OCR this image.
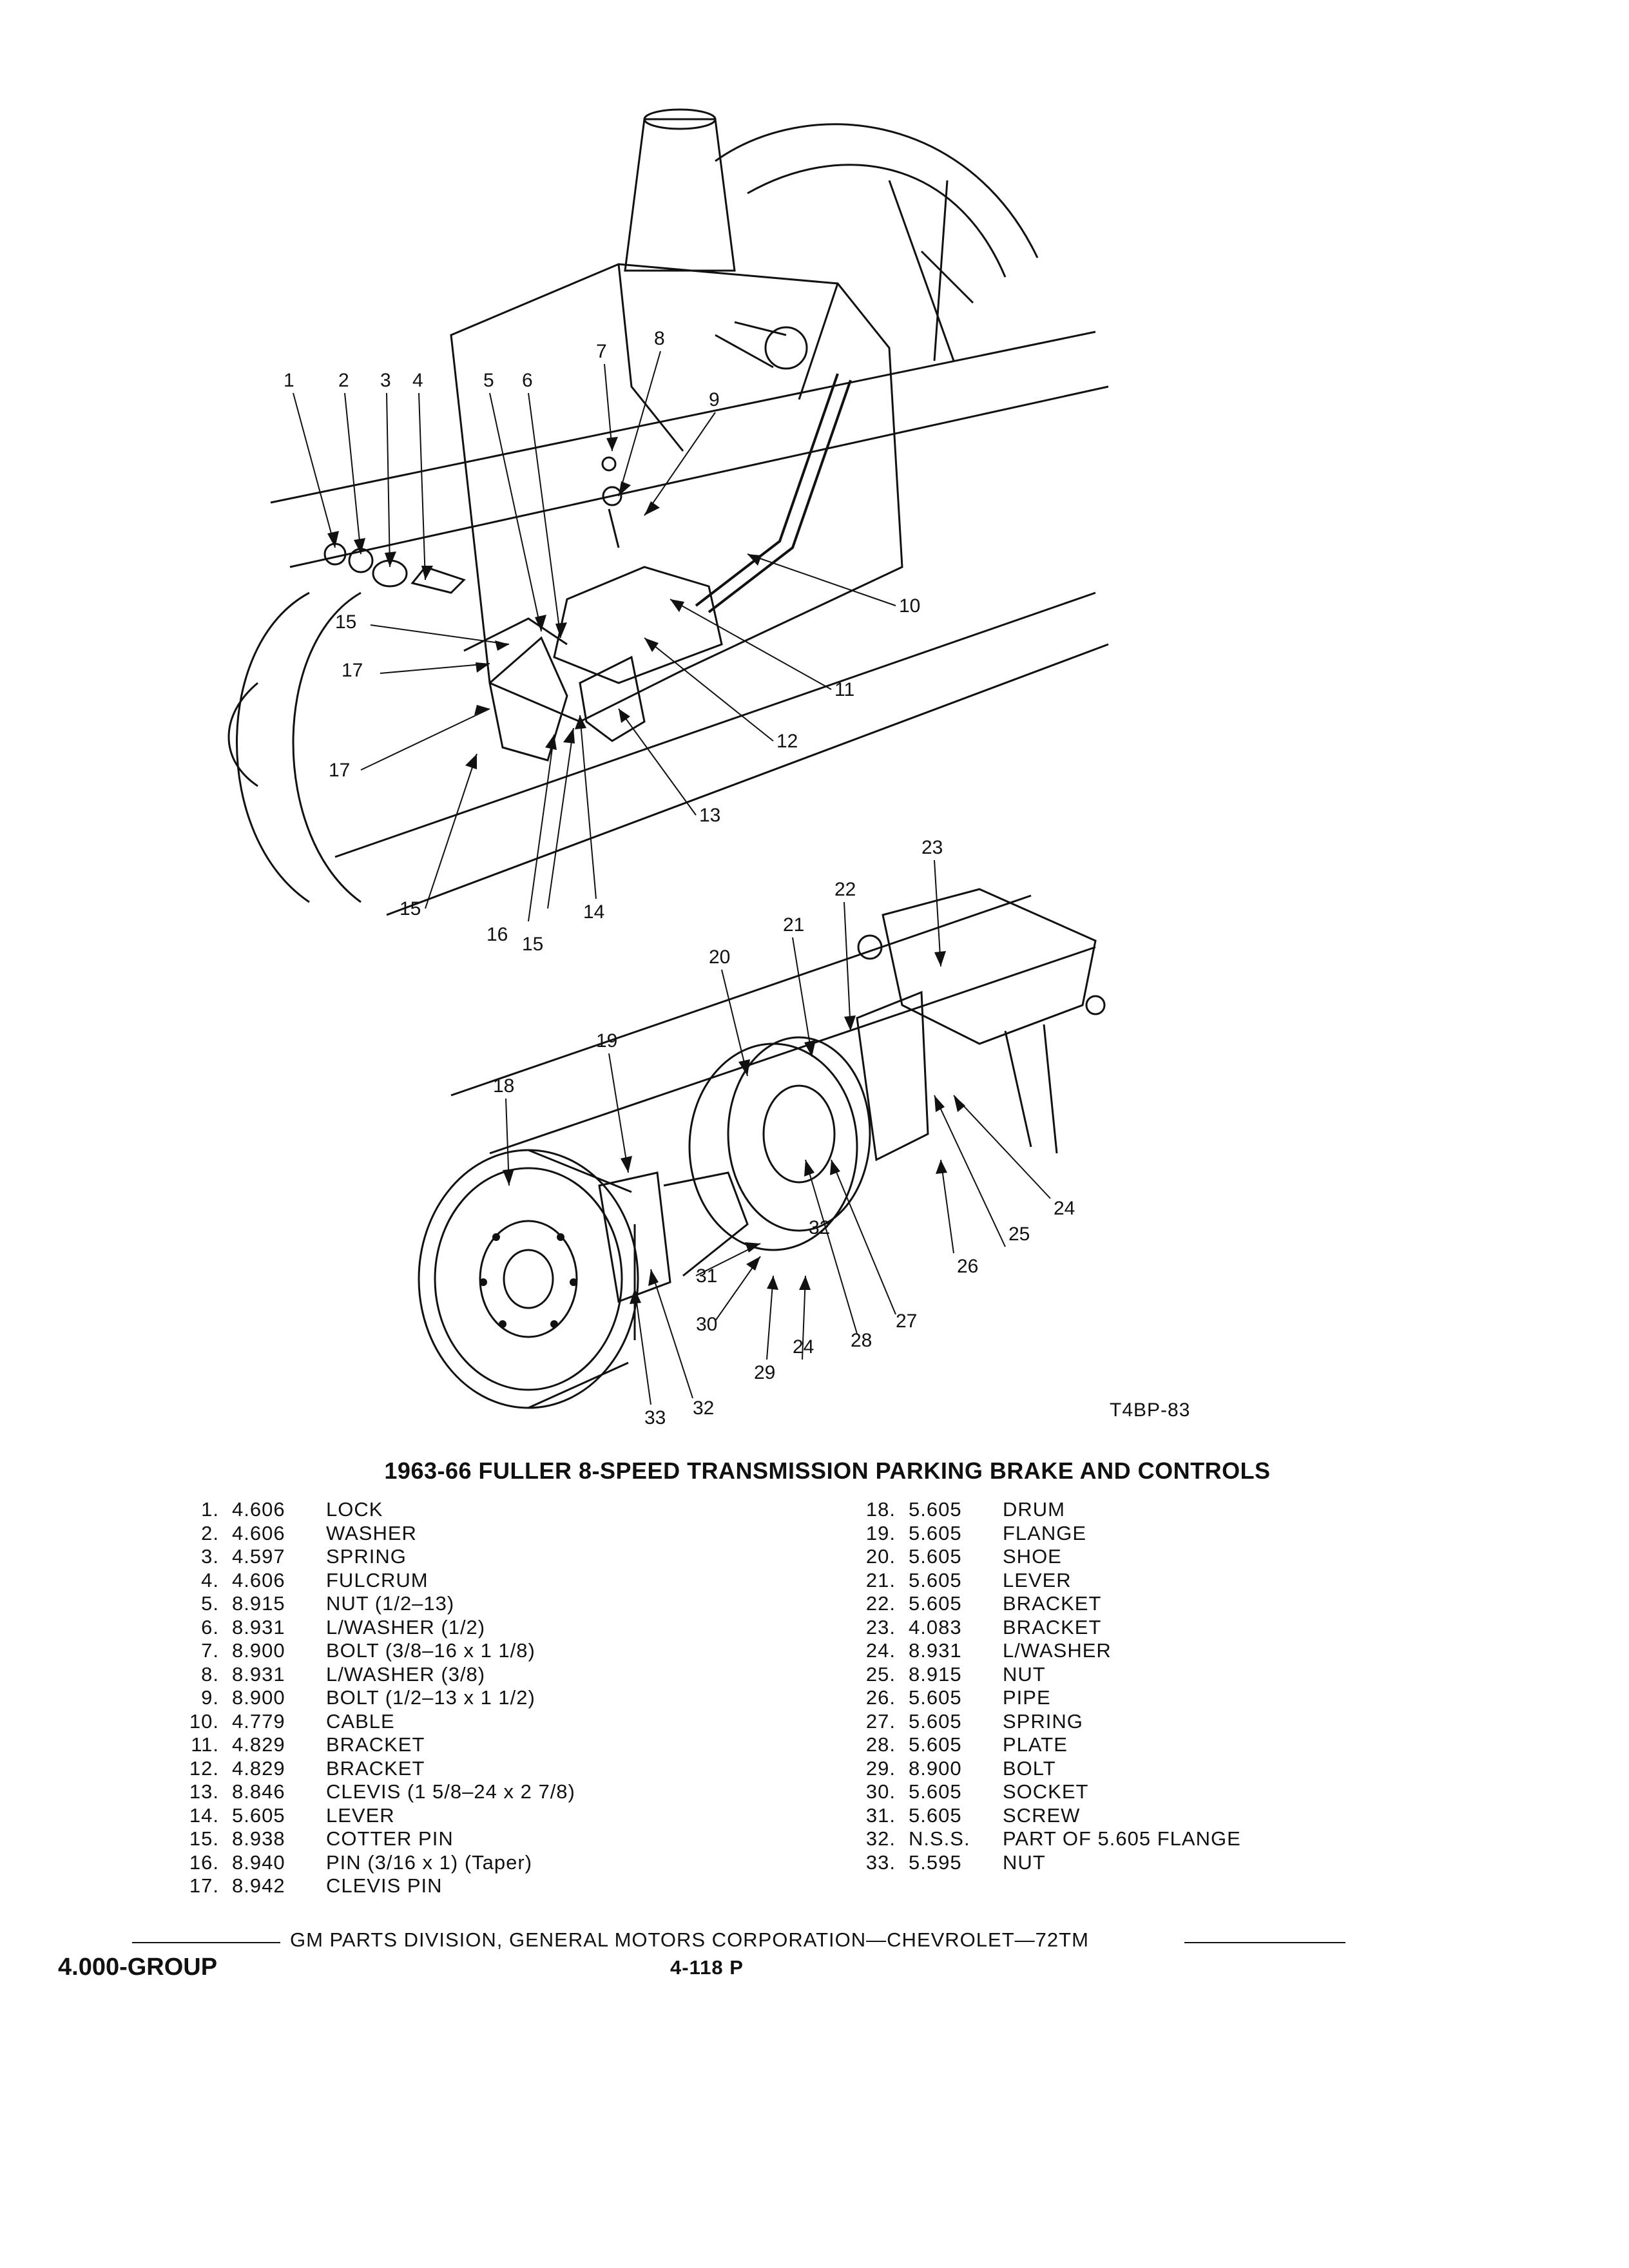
1 2 3 4	5 6
7
8
9
10
11
12
13
14
15
15
15
16
17
17
18
19
20
21
22
23
24
24
25
26
27
28
29
30
31
32
32
33	T4BP-83
1963-66 FULLER 8-SPEED TRANSMISSION PARKING BRAKE AND CONTROLS
1. 4.606 LOCK
2. 4.606 WASHER
3. 4.597 SPRING
4. 4.606 FULCRUM
5. 8.915 NUT (1/2–13)
6. 8.931 L/WASHER (1/2)
7. 8.900 BOLT (3/8–16 x 1 1/8)
8. 8.931 L/WASHER (3/8)
9. 8.900 BOLT (1/2–13 x 1 1/2)
10. 4.779 CABLE
11. 4.829 BRACKET
12. 4.829 BRACKET
13. 8.846 CLEVIS (1 5/8–24 x 2 7/8)
14. 5.605 LEVER
15. 8.938 COTTER PIN
16. 8.940 PIN (3/16 x 1) (Taper)
17. 8.942 CLEVIS PIN
18. 5.605 DRUM
19. 5.605 FLANGE
20. 5.605 SHOE
21. 5.605 LEVER
22. 5.605 BRACKET
23. 4.083 BRACKET
24. 8.931 L/WASHER
25. 8.915 NUT
26. 5.605 PIPE
27. 5.605 SPRING
28. 5.605 PLATE
29. 8.900 BOLT
30. 5.605 SOCKET
31. 5.605 SCREW
32. N.S.S. PART OF 5.605 FLANGE
33. 5.595 NUT
GM PARTS DIVISION, GENERAL MOTORS CORPORATION—CHEVROLET—72TM
4.000-GROUP	4-118 P
